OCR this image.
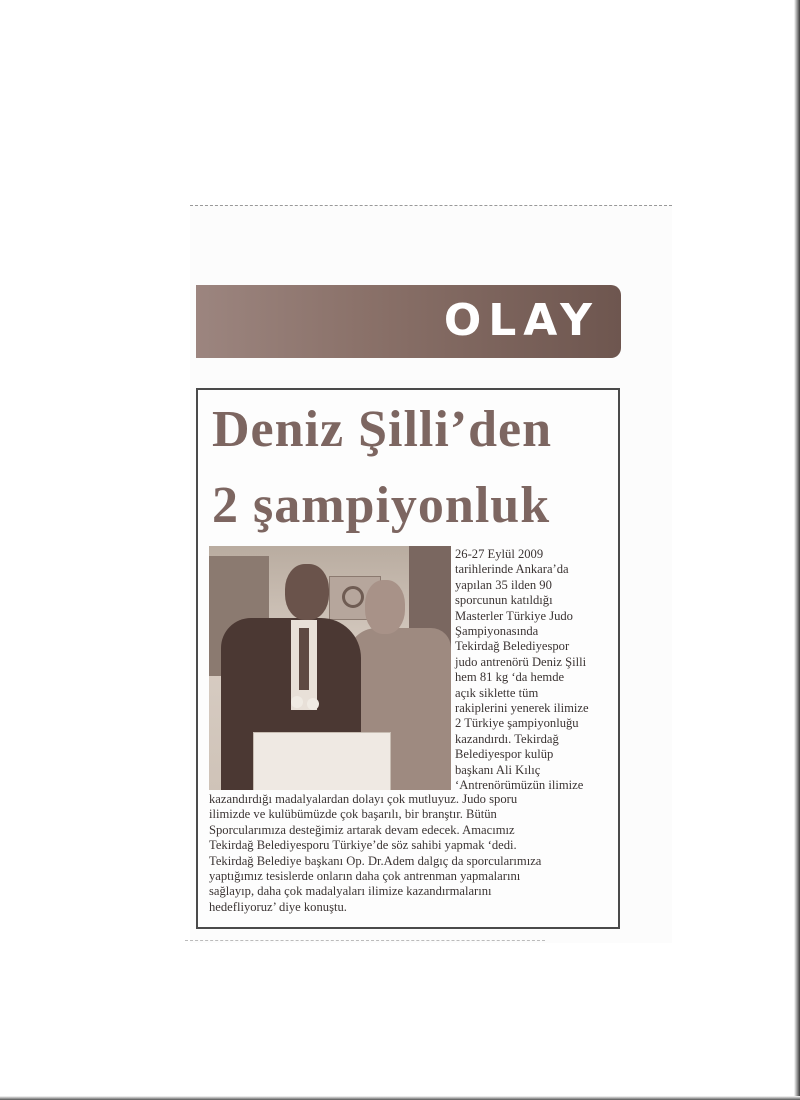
OLAY
Deniz Şilli’den
2 şampiyonluk

26-27 Eylül 2009
tarihlerinde Ankara’da
yapılan 35 ilden 90
sporcunun katıldığı
Masterler Türkiye Judo
Şampiyonasında
Tekirdağ Belediyespor
judo antrenörü Deniz Şilli
hem 81 kg ‘da hemde
açık siklette tüm
rakiplerini yenerek ilimize
2 Türkiye şampiyonluğu
kazandırdı. Tekirdağ
Belediyespor kulüp
başkanı Ali Kılıç
‘Antrenörümüzün ilimize

kazandırdığı madalyalardan dolayı çok mutluyuz. Judo sporu
ilimizde ve kulübümüzde çok başarılı, bir branştır. Bütün
Sporcularımıza desteğimiz artarak devam edecek. Amacımız
Tekirdağ Belediyesporu Türkiye’de söz sahibi yapmak ‘dedi.
Tekirdağ Belediye başkanı Op. Dr.Adem dalgıç da sporcularımıza
yaptığımız tesislerde onların daha çok antrenman yapmalarını
sağlayıp, daha çok madalyaları ilimize kazandırmalarını
hedefliyoruz’ diye konuştu.
